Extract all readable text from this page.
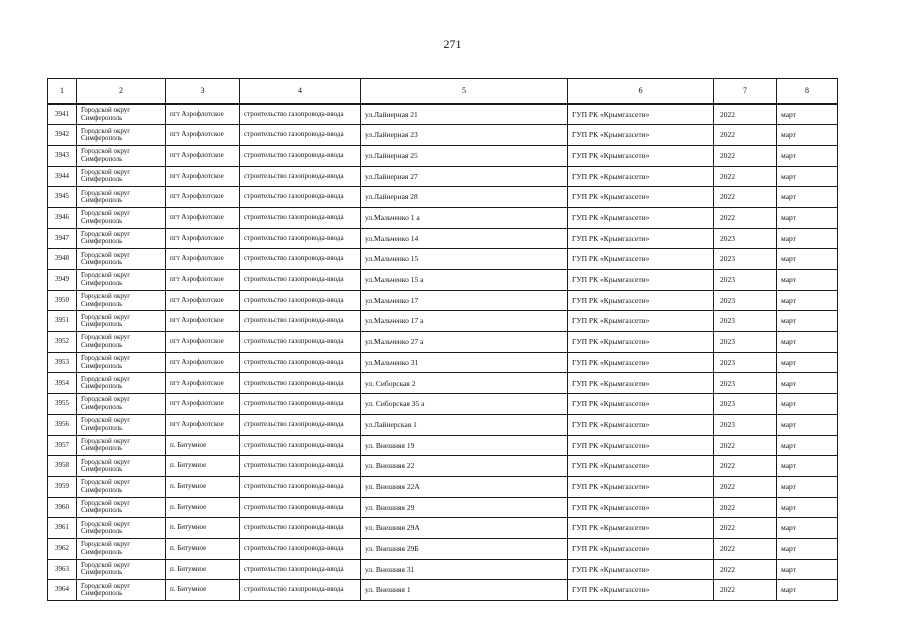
271
1	2	3	4	5	6	7	8
3941	Городской округ Симферополь	пгт Аэрофлотское	строительство газопровода-ввода	ул.Лайнерная 21	ГУП РК «Крымгазсети»	2022	март
3942	Городской округ Симферополь	пгт Аэрофлотское	строительство газопровода-ввода	ул.Лайнерная 23	ГУП РК «Крымгазсети»	2022	март
3943	Городской округ Симферополь	пгт Аэрофлотское	строительство газопровода-ввода	ул.Лайнерная 25	ГУП РК «Крымгазсети»	2022	март
3944	Городской округ Симферополь	пгт Аэрофлотское	строительство газопровода-ввода	ул.Лайнерная 27	ГУП РК «Крымгазсети»	2022	март
3945	Городской округ Симферополь	пгт Аэрофлотское	строительство газопровода-ввода	ул.Лайнерная 28	ГУП РК «Крымгазсети»	2022	март
3946	Городской округ Симферополь	пгт Аэрофлотское	строительство газопровода-ввода	ул.Мальченко 1 а	ГУП РК «Крымгазсети»	2022	март
3947	Городской округ Симферополь	пгт Аэрофлотское	строительство газопровода-ввода	ул.Мальченко 14	ГУП РК «Крымгазсети»	2023	март
3948	Городской округ Симферополь	пгт Аэрофлотское	строительство газопровода-ввода	ул.Мальченко 15	ГУП РК «Крымгазсети»	2023	март
3949	Городской округ Симферополь	пгт Аэрофлотское	строительство газопровода-ввода	ул.Мальченко 15 а	ГУП РК «Крымгазсети»	2023	март
3950	Городской округ Симферополь	пгт Аэрофлотское	строительство газопровода-ввода	ул.Мальченко 17	ГУП РК «Крымгазсети»	2023	март
3951	Городской округ Симферополь	пгт Аэрофлотское	строительство газопровода-ввода	ул.Мальченко 17 а	ГУП РК «Крымгазсети»	2023	март
3952	Городской округ Симферополь	пгт Аэрофлотское	строительство газопровода-ввода	ул.Мальченко 27 а	ГУП РК «Крымгазсети»	2023	март
3953	Городской округ Симферополь	пгт Аэрофлотское	строительство газопровода-ввода	ул.Мальченко 31	ГУП РК «Крымгазсети»	2023	март
3954	Городской округ Симферополь	пгт Аэрофлотское	строительство газопровода-ввода	ул. Сиборская 2	ГУП РК «Крымгазсети»	2023	март
3955	Городской округ Симферополь	пгт Аэрофлотское	строительство газопровода-ввода	ул. Сиборская 35 а	ГУП РК «Крымгазсети»	2023	март
3956	Городской округ Симферополь	пгт Аэрофлотское	строительство газопровода-ввода	ул.Лайнерская 1	ГУП РК «Крымгазсети»	2023	март
3957	Городской округ Симферополь	п. Битумное	строительство газопровода-ввода	ул. Внешняя 19	ГУП РК «Крымгазсети»	2022	март
3958	Городской округ Симферополь	п. Битумное	строительство газопровода-ввода	ул. Внешняя 22	ГУП РК «Крымгазсети»	2022	март
3959	Городской округ Симферополь	п. Битумное	строительство газопровода-ввода	ул. Внешняя 22А	ГУП РК «Крымгазсети»	2022	март
3960	Городской округ Симферополь	п. Битумное	строительство газопровода-ввода	ул. Внешняя 29	ГУП РК «Крымгазсети»	2022	март
3961	Городской округ Симферополь	п. Битумное	строительство газопровода-ввода	ул. Внешняя 29А	ГУП РК «Крымгазсети»	2022	март
3962	Городской округ Симферополь	п. Битумное	строительство газопровода-ввода	ул. Внешняя 29Б	ГУП РК «Крымгазсети»	2022	март
3963	Городской округ Симферополь	п. Битумное	строительство газопровода-ввода	ул. Внешняя 31	ГУП РК «Крымгазсети»	2022	март
3964	Городской округ Симферополь	п. Битумное	строительство газопровода-ввода	ул. Внешняя 1	ГУП РК «Крымгазсети»	2022	март
